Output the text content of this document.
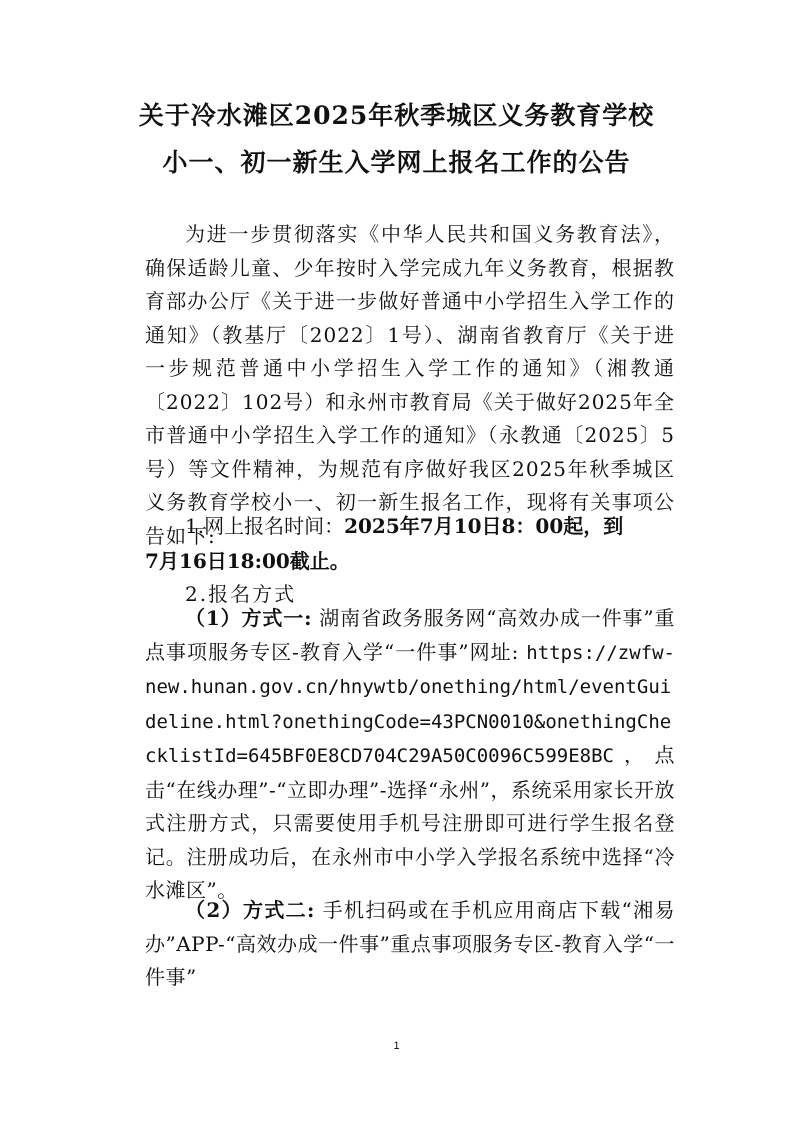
关于冷水滩区2025年秋季城区义务教育学校
小一、初一新生入学网上报名工作的公告
为进一步贯彻落实《中华人民共和国义务教育法》，确保适龄儿童、少年按时入学完成九年义务教育，根据教育部办公厅《关于进一步做好普通中小学招生入学工作的通知》（教基厅〔2022〕1号）、湖南省教育厅《关于进一步规范普通中小学招生入学工作的通知》（湘教通〔2022〕102号）和永州市教育局《关于做好2025年全市普通中小学招生入学工作的通知》（永教通〔2025〕5号）等文件精神，为规范有序做好我区2025年秋季城区义务教育学校小一、初一新生报名工作，现将有关事项公告如下:
1.网上报名时间：2025年7月10日8：00起，到
7月16日18:00截止。
2.报名方式
（1）方式一: 湖南省政务服务网“高效办成一件事”重点事项服务专区-教育入学“一件事”网址: https://zwfw-new.hunan.gov.cn/hnywtb/onething/html/eventGuideline.html?onethingCode=43PCN0010&onethingChecklistId=645BF0E8CD704C29A50C0096C599E8BC，点击“在线办理”-“立即办理”-选择“永州”，系统采用家长开放式注册方式，只需要使用手机号注册即可进行学生报名登记。注册成功后，在永州市中小学入学报名系统中选择“冷水滩区”。
（2）方式二: 手机扫码或在手机应用商店下载“湘易办”APP-“高效办成一件事”重点事项服务专区-教育入学“一件事”
1
